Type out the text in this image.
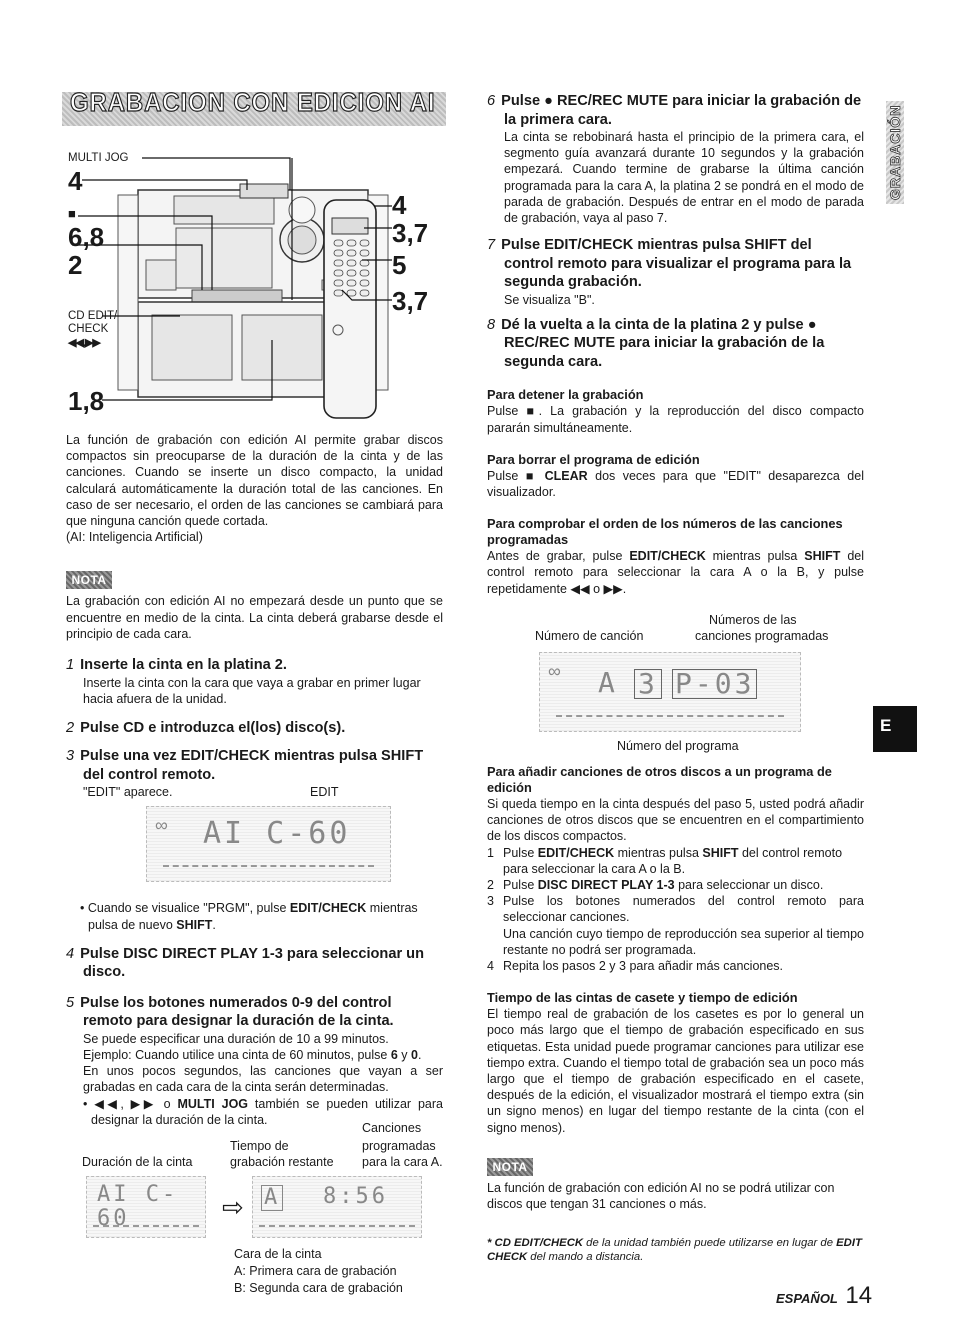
GRABACION CON EDICION AI
GRABACIÓN
E
MULTI JOG
4
■
6,8
2
CD EDIT/
CHECK
◀◀,▶▶
1,8
4
3,7
5
3,7

La función de grabación con edición AI permite grabar discos compactos sin preocuparse de la duración de la cinta y de las canciones. Cuando se inserte un disco compacto, la unidad calculará automáticamente la duración total de las canciones. En caso de ser necesario, el orden de las canciones se cambiará para que ninguna canción quede cortada.

(AI: Inteligencia Artificial)

NOTA

La grabación con edición AI no empezará desde un punto que se encuentre en medio de la cinta. La cinta deberá grabarse desde el principio de cada cara.

1 Inserte la cinta en la platina 2.

Inserte la cinta con la cara que vaya a grabar en primer lugar hacia afuera de la unidad.

2 Pulse CD e introduzca el(los) disco(s).
3 Pulse una vez EDIT/CHECK mientras pulsa SHIFT del control remoto.
"EDIT" aparece.	EDIT
AI C-60
∞

• Cuando se visualice "PRGM", pulse EDIT/CHECK mientras pulsa de nuevo SHIFT.

4 Pulse DISC DIRECT PLAY 1-3 para seleccionar un disco.
5 Pulse los botones numerados 0-9 del control remoto para designar la duración de la cinta.

Se puede especificar una duración de 10 a 99 minutos.

Ejemplo: Cuando utilice una cinta de 60 minutos, pulse 6 y 0.

En unos pocos segundos, las canciones que vayan a ser grabadas en cada cara de la cinta serán determinadas.

• ◀◀, ▶▶ o MULTI JOG también se pueden utilizar para designar la duración de la cinta.

Canciones
Tiempo de	programadas
Duración de la cinta	grabación restante para la cara A.
AI C-60	⇨ A 8:56
Cara de la cinta
A: Primera cara de grabación
B: Segunda cara de grabación
6 Pulse ● REC/REC MUTE para iniciar la grabación de la primera cara.

La cinta se rebobinará hasta el principio de la primera cara, el segmento guía avanzará durante 10 segundos y la grabación empezará. Cuando termine de grabarse la última canción programada para la cara A, la platina 2 se pondrá en el modo de parada de grabación. Después de entrar en el modo de parada de grabación, vaya al paso 7.

7 Pulse EDIT/CHECK mientras pulsa SHIFT del control remoto para visualizar el programa para la segunda grabación.

Se visualiza "B".

8 Dé la vuelta a la cinta de la platina 2 y pulse ● REC/REC MUTE para iniciar la grabación de la segunda cara.
Para detener la grabación

Pulse ■. La grabación y la reproducción del disco compacto pararán simultáneamente.

Para borrar el programa de edición

Pulse ■ CLEAR dos veces para que "EDIT" desaparezca del visualizador.

Para comprobar el orden de los números de las canciones programadas

Antes de grabar, pulse EDIT/CHECK mientras pulsa SHIFT del control remoto para seleccionar la cara A o la B, y pulse repetidamente ◀◀ o ▶▶.

Números de las
Número de canción	canciones programadas
∞ A 3 P-03
Número del programa
Para añadir canciones de otros discos a un programa de edición

Si queda tiempo en la cinta después del paso 5, usted podrá añadir canciones de otros discos que se encuentren en el compartimiento de los discos compactos.

1 Pulse EDIT/CHECK mientras pulsa SHIFT del control remoto para seleccionar la cara A o la B.

2 Pulse DISC DIRECT PLAY 1-3 para seleccionar un disco.

3 Pulse los botones numerados del control remoto para seleccionar canciones.

Una canción cuyo tiempo de reproducción sea superior al tiempo restante no podrá ser programada.

4 Repita los pasos 2 y 3 para añadir más canciones.

Tiempo de las cintas de casete y tiempo de edición

El tiempo real de grabación de los casetes es por lo general un poco más largo que el tiempo de grabación especificado en sus etiquetas. Esta unidad puede programar canciones para utilizar ese tiempo extra. Cuando el tiempo total de grabación sea un poco más largo que el tiempo de grabación especificado en el casete, después de la edición, el visualizador mostrará el tiempo extra (sin un signo menos) en lugar del tiempo restante de la cinta (con el signo menos).

NOTA

La función de grabación con edición AI no se podrá utilizar con discos que tengan 31 canciones o más.

* CD EDIT/CHECK de la unidad también puede utilizarse en lugar de EDIT CHECK del mando a distancia.

ESPAÑOL 14
